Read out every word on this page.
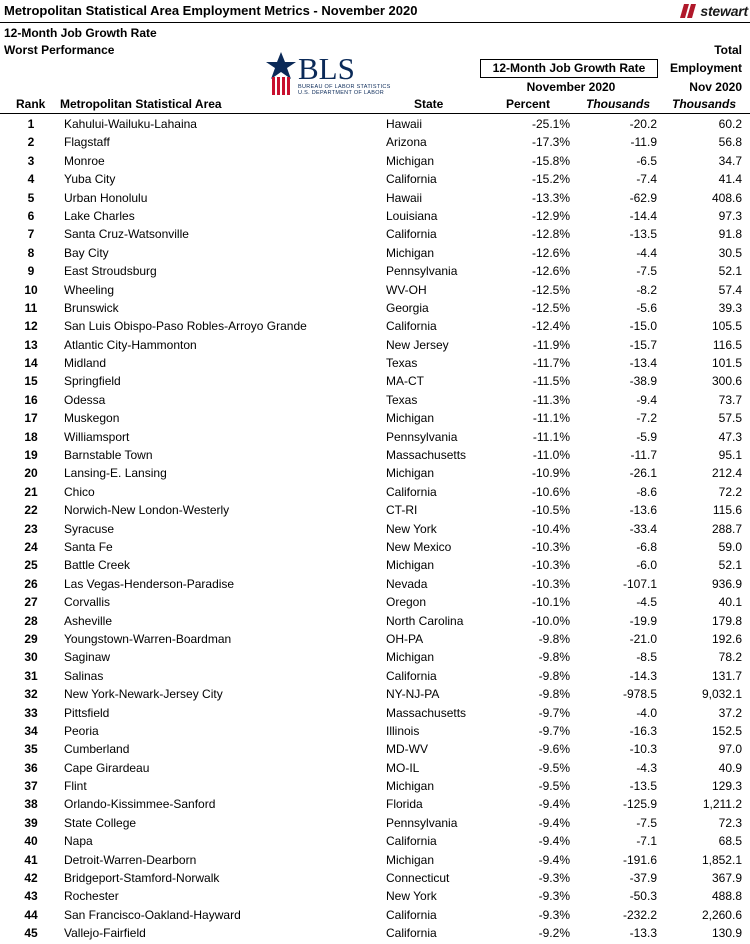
Metropolitan Statistical Area Employment Metrics - November 2020	stewart
12-Month Job Growth Rate
Worst Performance
BLS
BUREAU OF LABOR STATISTICS
U.S. DEPARTMENT OF LABOR
12-Month Job Growth Rate
Total
Employment
Nov 2020
November 2020
Rank Metropolitan Statistical Area	State	Percent	Thousands Thousands
1	Kahului-Wailuku-Lahaina	Hawaii	-25.1%	-20.2	60.2
2	Flagstaff	Arizona	-17.3%	-11.9	56.8
3	Monroe	Michigan	-15.8%	-6.5	34.7
4	Yuba City	California	-15.2%	-7.4	41.4
5	Urban Honolulu	Hawaii	-13.3%	-62.9	408.6
6	Lake Charles	Louisiana	-12.9%	-14.4	97.3
7	Santa Cruz-Watsonville	California	-12.8%	-13.5	91.8
8	Bay City	Michigan	-12.6%	-4.4	30.5
9	East Stroudsburg	Pennsylvania	-12.6%	-7.5	52.1
10	Wheeling	WV-OH	-12.5%	-8.2	57.4
11	Brunswick	Georgia	-12.5%	-5.6	39.3
12	San Luis Obispo-Paso Robles-Arroyo Grande	California	-12.4%	-15.0	105.5
13	Atlantic City-Hammonton	New Jersey	-11.9%	-15.7	116.5
14	Midland	Texas	-11.7%	-13.4	101.5
15	Springfield	MA-CT	-11.5%	-38.9	300.6
16	Odessa	Texas	-11.3%	-9.4	73.7
17	Muskegon	Michigan	-11.1%	-7.2	57.5
18	Williamsport	Pennsylvania	-11.1%	-5.9	47.3
19	Barnstable Town	Massachusetts	-11.0%	-11.7	95.1
20	Lansing-E. Lansing	Michigan	-10.9%	-26.1	212.4
21	Chico	California	-10.6%	-8.6	72.2
22	Norwich-New London-Westerly	CT-RI	-10.5%	-13.6	115.6
23	Syracuse	New York	-10.4%	-33.4	288.7
24	Santa Fe	New Mexico	-10.3%	-6.8	59.0
25	Battle Creek	Michigan	-10.3%	-6.0	52.1
26	Las Vegas-Henderson-Paradise	Nevada	-10.3%	-107.1	936.9
27	Corvallis	Oregon	-10.1%	-4.5	40.1
28	Asheville	North Carolina	-10.0%	-19.9	179.8
29	Youngstown-Warren-Boardman	OH-PA	-9.8%	-21.0	192.6
30	Saginaw	Michigan	-9.8%	-8.5	78.2
31	Salinas	California	-9.8%	-14.3	131.7
32	New York-Newark-Jersey City	NY-NJ-PA	-9.8%	-978.5	9,032.1
33	Pittsfield	Massachusetts	-9.7%	-4.0	37.2
34	Peoria	Illinois	-9.7%	-16.3	152.5
35	Cumberland	MD-WV	-9.6%	-10.3	97.0
36	Cape Girardeau	MO-IL	-9.5%	-4.3	40.9
37	Flint	Michigan	-9.5%	-13.5	129.3
38	Orlando-Kissimmee-Sanford	Florida	-9.4%	-125.9	1,211.2
39	State College	Pennsylvania	-9.4%	-7.5	72.3
40	Napa	California	-9.4%	-7.1	68.5
41	Detroit-Warren-Dearborn	Michigan	-9.4%	-191.6	1,852.1
42	Bridgeport-Stamford-Norwalk	Connecticut	-9.3%	-37.9	367.9
43	Rochester	New York	-9.3%	-50.3	488.8
44	San Francisco-Oakland-Hayward	California	-9.3%	-232.2	2,260.6
45	Vallejo-Fairfield	California	-9.2%	-13.3	130.9
